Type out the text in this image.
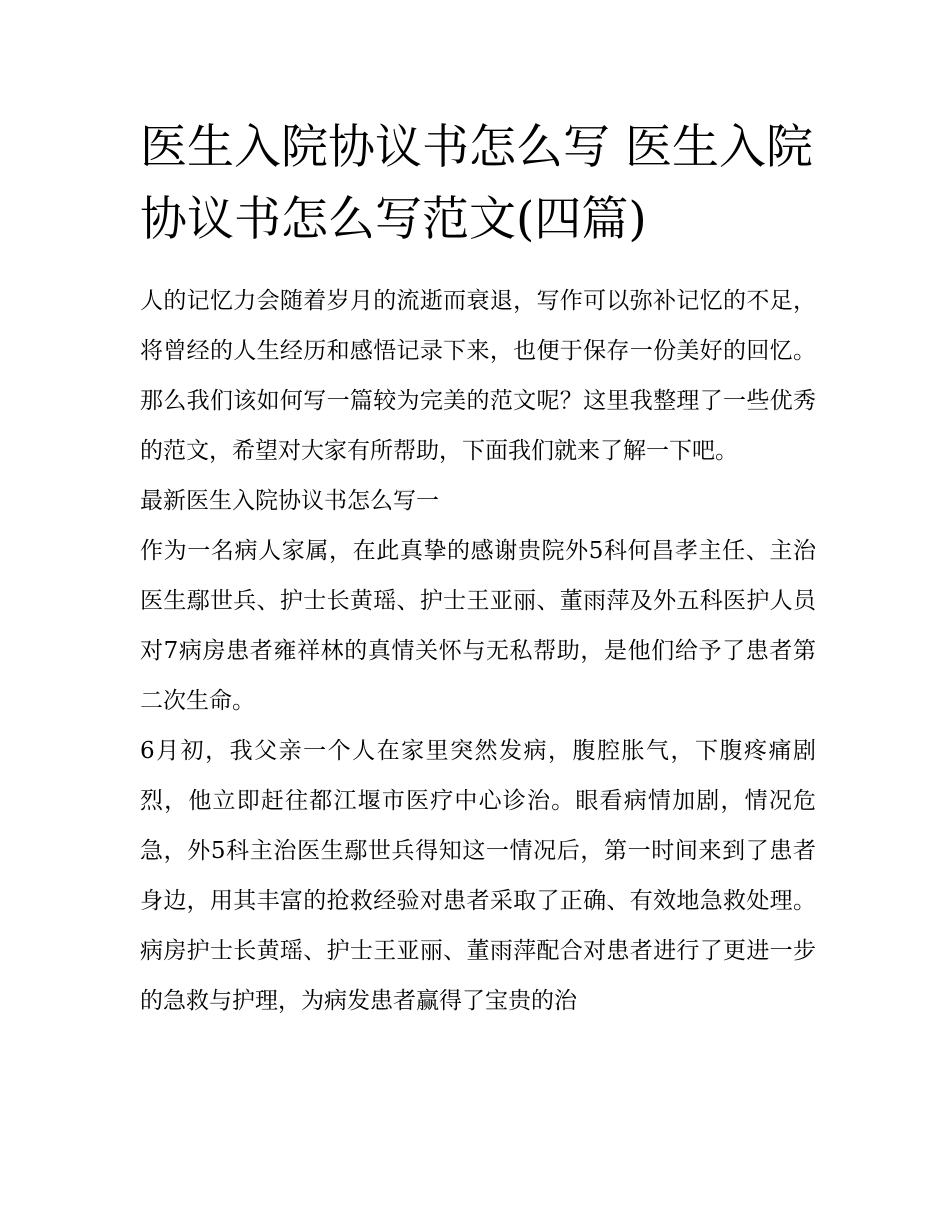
医生入院协议书怎么写 医生入院协议书怎么写范文(四篇)

人的记忆力会随着岁月的流逝而衰退，写作可以弥补记忆的不足，将曾经的人生经历和感悟记录下来，也便于保存一份美好的回忆。那么我们该如何写一篇较为完美的范文呢？这里我整理了一些优秀的范文，希望对大家有所帮助，下面我们就来了解一下吧。

最新医生入院协议书怎么写一

作为一名病人家属，在此真挚的感谢贵院外5科何昌孝主任、主治医生鄢世兵、护士长黄瑶、护士王亚丽、董雨萍及外五科医护人员对7病房患者雍祥林的真情关怀与无私帮助，是他们给予了患者第二次生命。

6月初，我父亲一个人在家里突然发病，腹腔胀气，下腹疼痛剧烈，他立即赶往都江堰市医疗中心诊治。眼看病情加剧，情况危急，外5科主治医生鄢世兵得知这一情况后，第一时间来到了患者身边，用其丰富的抢救经验对患者采取了正确、有效地急救处理。病房护士长黄瑶、护士王亚丽、董雨萍配合对患者进行了更进一步的急救与护理，为病发患者赢得了宝贵的治
